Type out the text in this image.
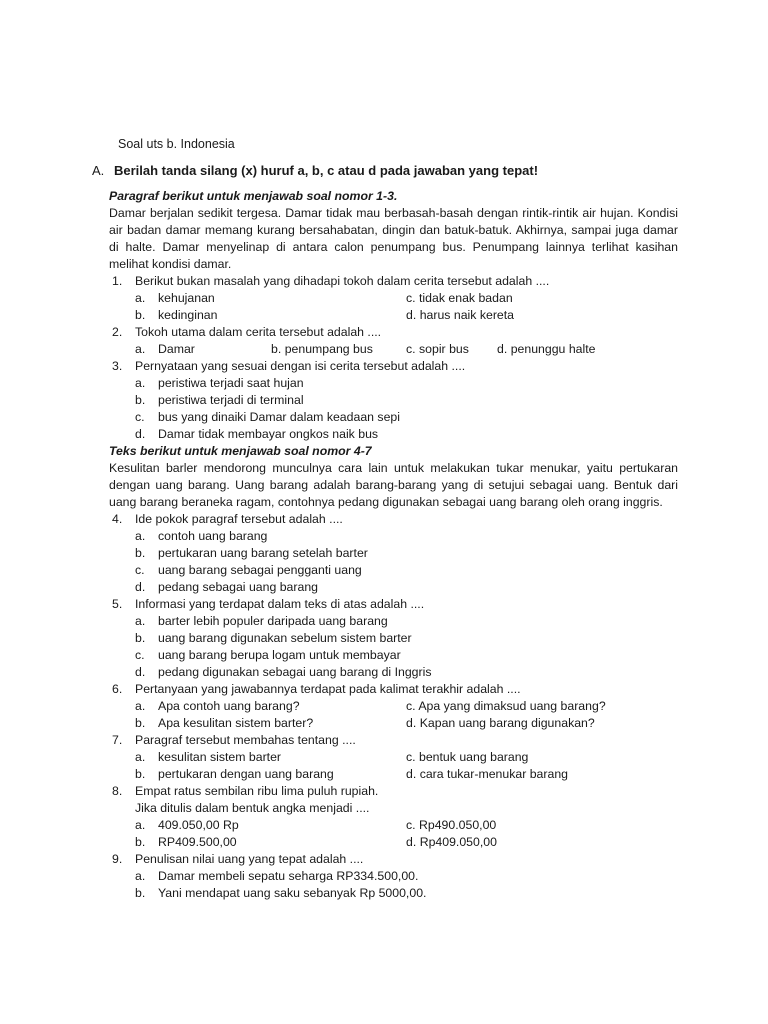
Soal uts b. Indonesia
A. Berilah tanda silang (x) huruf a, b, c atau d pada jawaban yang tepat!
Paragraf berikut untuk menjawab soal nomor 1-3.
Damar berjalan sedikit tergesa. Damar tidak mau berbasah-basah dengan rintik-rintik air hujan. Kondisi air badan damar memang kurang bersahabatan, dingin dan batuk-batuk. Akhirnya, sampai juga damar di halte. Damar menyelinap di antara calon penumpang bus. Penumpang lainnya terlihat kasihan melihat kondisi damar.
1. Berikut bukan masalah yang dihadapi tokoh dalam cerita tersebut adalah ....
a. kehujanan	c. tidak enak badan
b. kedinginan	d. harus naik kereta
2. Tokoh utama dalam cerita tersebut adalah ....
a. Damar	b. penumpang bus	c. sopir bus d. penunggu halte
3. Pernyataan yang sesuai dengan isi cerita tersebut adalah ....
a. peristiwa terjadi saat hujan
b. peristiwa terjadi di terminal
c. bus yang dinaiki Damar dalam keadaan sepi
d. Damar tidak membayar ongkos naik bus
Teks berikut untuk menjawab soal nomor 4-7
Kesulitan barler mendorong munculnya cara lain untuk melakukan tukar menukar, yaitu pertukaran dengan uang barang. Uang barang adalah barang-barang yang di setujui sebagai uang. Bentuk dari uang barang beraneka ragam, contohnya pedang digunakan sebagai uang barang oleh orang inggris.
4. Ide pokok paragraf tersebut adalah ....
a. contoh uang barang
b. pertukaran uang barang setelah barter
c. uang barang sebagai pengganti uang
d. pedang sebagai uang barang
5. Informasi yang terdapat dalam teks di atas adalah ....
a. barter lebih populer daripada uang barang
b. uang barang digunakan sebelum sistem barter
c. uang barang berupa logam untuk membayar
d. pedang digunakan sebagai uang barang di Inggris
6. Pertanyaan yang jawabannya terdapat pada kalimat terakhir adalah ....
a. Apa contoh uang barang?	c. Apa yang dimaksud uang barang?
b. Apa kesulitan sistem barter?	d. Kapan uang barang digunakan?
7. Paragraf tersebut membahas tentang ....
a. kesulitan sistem barter	c. bentuk uang barang
b. pertukaran dengan uang barang	d. cara tukar-menukar barang
8. Empat ratus sembilan ribu lima puluh rupiah.
Jika ditulis dalam bentuk angka menjadi ....
a. 409.050,00 Rp	c. Rp490.050,00
b. RP409.500,00	d. Rp409.050,00
9. Penulisan nilai uang yang tepat adalah ....
a. Damar membeli sepatu seharga RP334.500,00.
b. Yani mendapat uang saku sebanyak Rp 5000,00.
